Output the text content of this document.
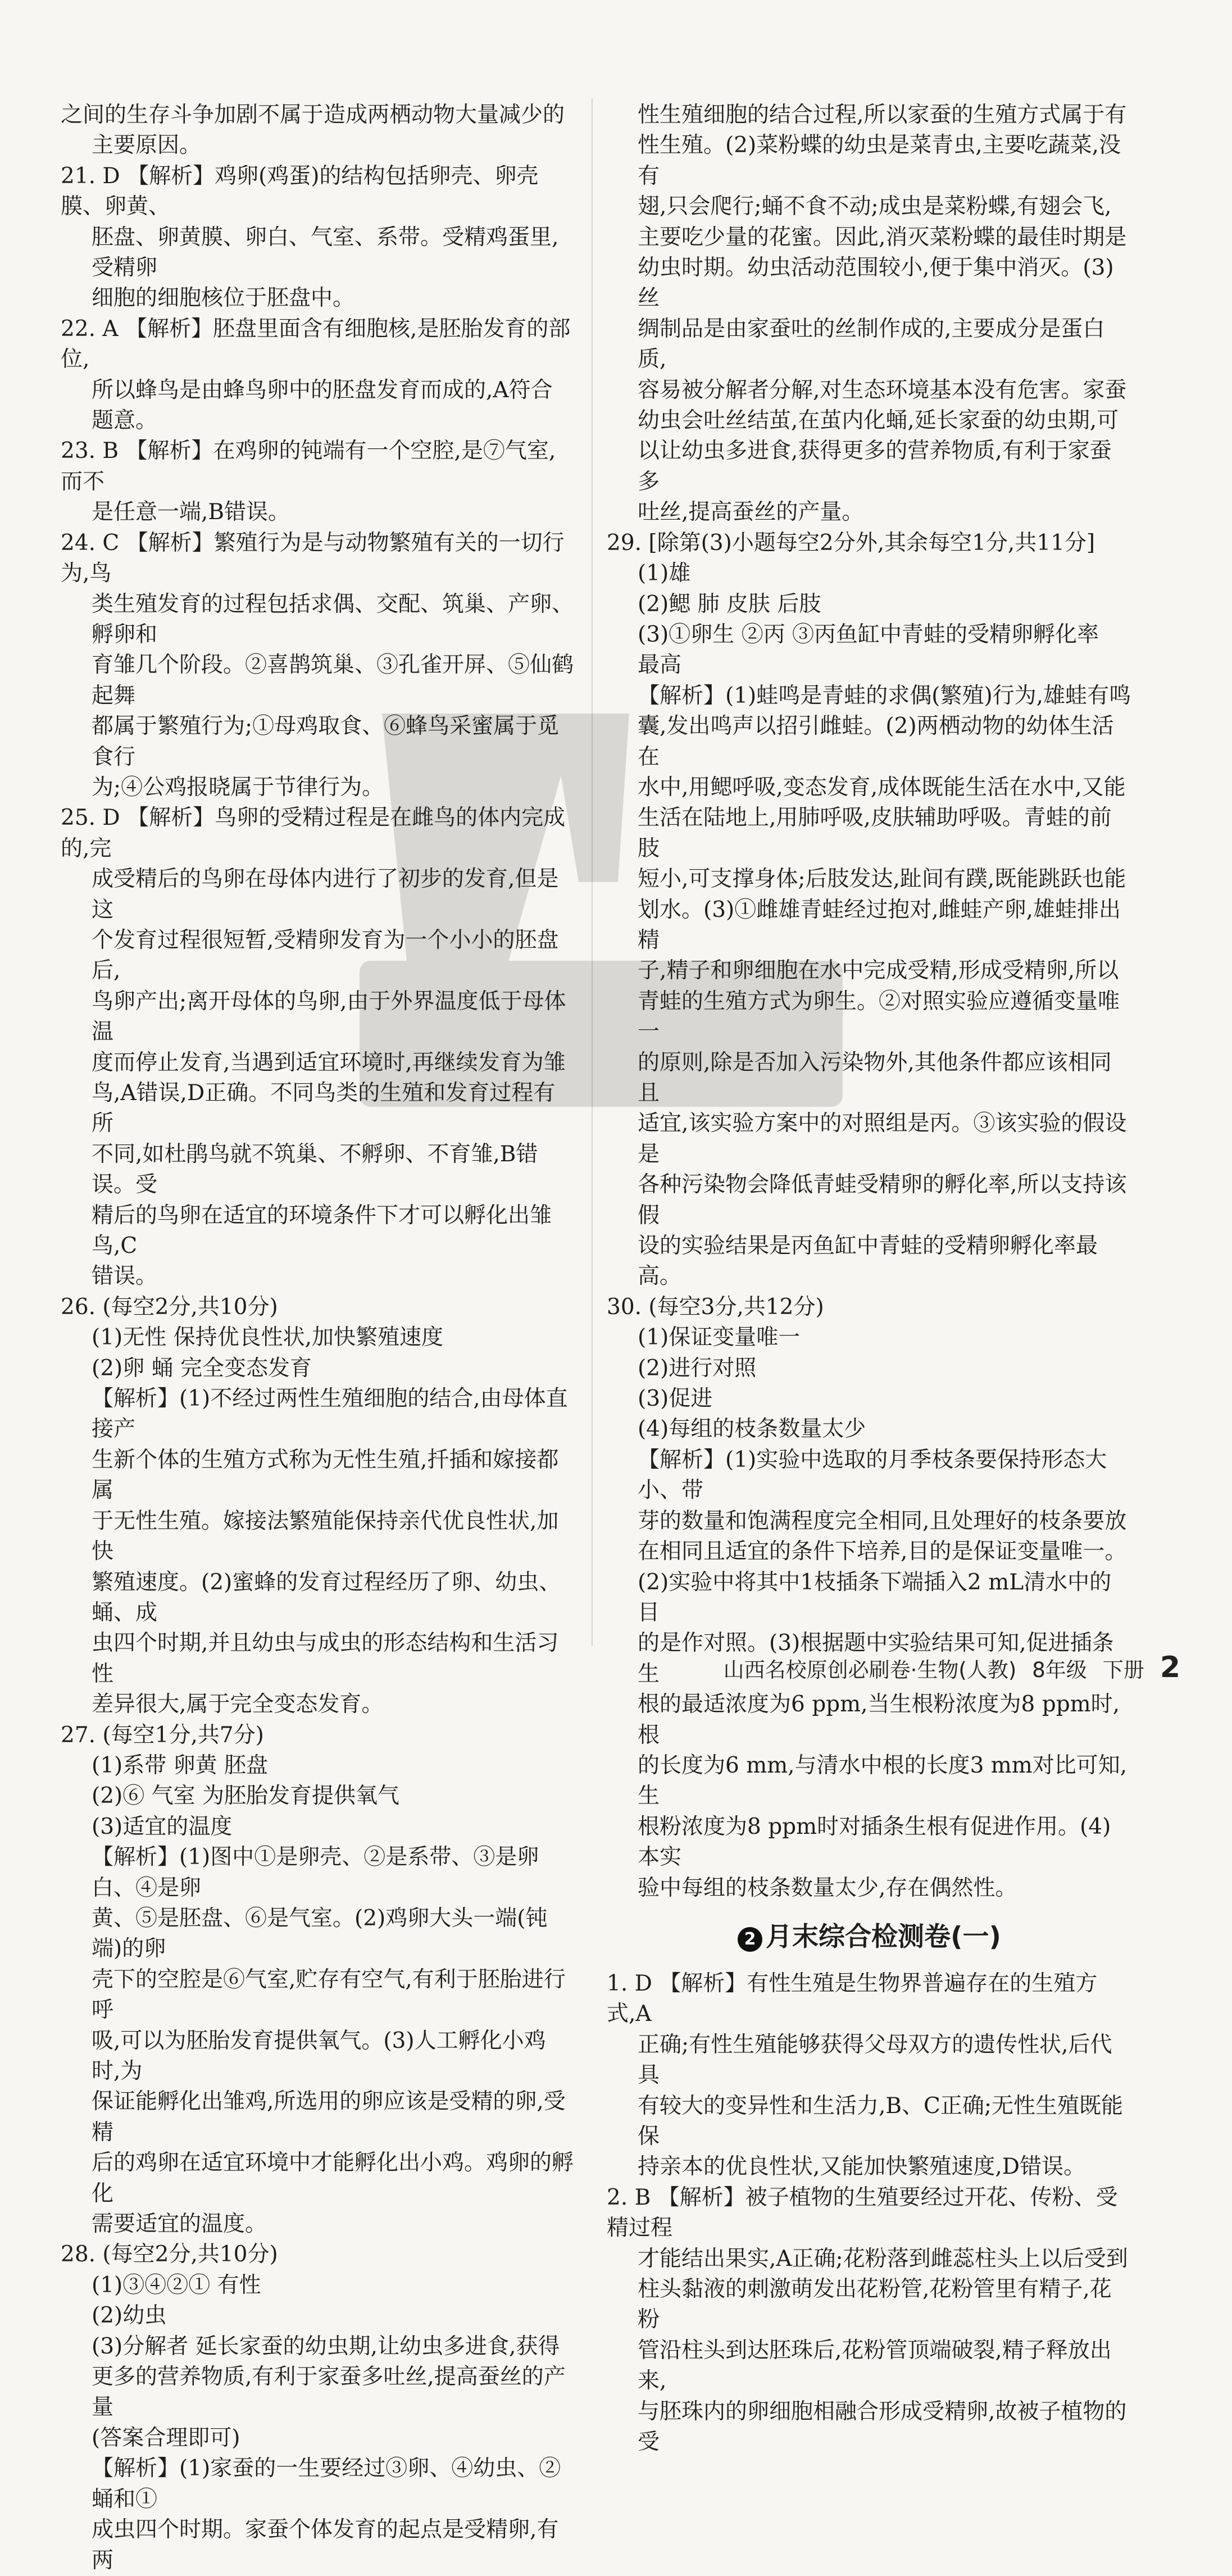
之间的生存斗争加剧不属于造成两栖动物大量减少的

主要原因。

21. D 【解析】鸡卵(鸡蛋)的结构包括卵壳、卵壳膜、卵黄、

胚盘、卵黄膜、卵白、气室、系带。受精鸡蛋里,受精卵

细胞的细胞核位于胚盘中。

22. A 【解析】胚盘里面含有细胞核,是胚胎发育的部位,

所以蜂鸟是由蜂鸟卵中的胚盘发育而成的,A符合

题意。

23. B 【解析】在鸡卵的钝端有一个空腔,是⑦气室,而不

是任意一端,B错误。

24. C 【解析】繁殖行为是与动物繁殖有关的一切行为,鸟

类生殖发育的过程包括求偶、交配、筑巢、产卵、孵卵和

育雏几个阶段。②喜鹊筑巢、③孔雀开屏、⑤仙鹤起舞

都属于繁殖行为;①母鸡取食、⑥蜂鸟采蜜属于觅食行

为;④公鸡报晓属于节律行为。

25. D 【解析】鸟卵的受精过程是在雌鸟的体内完成的,完

成受精后的鸟卵在母体内进行了初步的发育,但是这

个发育过程很短暂,受精卵发育为一个小小的胚盘后,

鸟卵产出;离开母体的鸟卵,由于外界温度低于母体温

度而停止发育,当遇到适宜环境时,再继续发育为雏

鸟,A错误,D正确。不同鸟类的生殖和发育过程有所

不同,如杜鹃鸟就不筑巢、不孵卵、不育雏,B错误。受

精后的鸟卵在适宜的环境条件下才可以孵化出雏鸟,C

错误。

26. (每空2分,共10分)

(1)无性 保持优良性状,加快繁殖速度

(2)卵 蛹 完全变态发育

【解析】(1)不经过两性生殖细胞的结合,由母体直接产

生新个体的生殖方式称为无性生殖,扦插和嫁接都属

于无性生殖。嫁接法繁殖能保持亲代优良性状,加快

繁殖速度。(2)蜜蜂的发育过程经历了卵、幼虫、蛹、成

虫四个时期,并且幼虫与成虫的形态结构和生活习性

差异很大,属于完全变态发育。

27. (每空1分,共7分)

(1)系带 卵黄 胚盘

(2)⑥ 气室 为胚胎发育提供氧气

(3)适宜的温度

【解析】(1)图中①是卵壳、②是系带、③是卵白、④是卵

黄、⑤是胚盘、⑥是气室。(2)鸡卵大头一端(钝端)的卵

壳下的空腔是⑥气室,贮存有空气,有利于胚胎进行呼

吸,可以为胚胎发育提供氧气。(3)人工孵化小鸡时,为

保证能孵化出雏鸡,所选用的卵应该是受精的卵,受精

后的鸡卵在适宜环境中才能孵化出小鸡。鸡卵的孵化

需要适宜的温度。

28. (每空2分,共10分)

(1)③④②① 有性

(2)幼虫

(3)分解者 延长家蚕的幼虫期,让幼虫多进食,获得

更多的营养物质,有利于家蚕多吐丝,提高蚕丝的产量

(答案合理即可)

【解析】(1)家蚕的一生要经过③卵、④幼虫、②蛹和①

成虫四个时期。家蚕个体发育的起点是受精卵,有两

性生殖细胞的结合过程,所以家蚕的生殖方式属于有

性生殖。(2)菜粉蝶的幼虫是菜青虫,主要吃蔬菜,没有

翅,只会爬行;蛹不食不动;成虫是菜粉蝶,有翅会飞,

主要吃少量的花蜜。因此,消灭菜粉蝶的最佳时期是

幼虫时期。幼虫活动范围较小,便于集中消灭。(3)丝

绸制品是由家蚕吐的丝制作成的,主要成分是蛋白质,

容易被分解者分解,对生态环境基本没有危害。家蚕

幼虫会吐丝结茧,在茧内化蛹,延长家蚕的幼虫期,可

以让幼虫多进食,获得更多的营养物质,有利于家蚕多

吐丝,提高蚕丝的产量。

29. [除第(3)小题每空2分外,其余每空1分,共11分]

(1)雄

(2)鳃 肺 皮肤 后肢

(3)①卵生 ②丙 ③丙鱼缸中青蛙的受精卵孵化率

最高

【解析】(1)蛙鸣是青蛙的求偶(繁殖)行为,雄蛙有鸣

囊,发出鸣声以招引雌蛙。(2)两栖动物的幼体生活在

水中,用鳃呼吸,变态发育,成体既能生活在水中,又能

生活在陆地上,用肺呼吸,皮肤辅助呼吸。青蛙的前肢

短小,可支撑身体;后肢发达,趾间有蹼,既能跳跃也能

划水。(3)①雌雄青蛙经过抱对,雌蛙产卵,雄蛙排出精

子,精子和卵细胞在水中完成受精,形成受精卵,所以

青蛙的生殖方式为卵生。②对照实验应遵循变量唯一

的原则,除是否加入污染物外,其他条件都应该相同且

适宜,该实验方案中的对照组是丙。③该实验的假设是

各种污染物会降低青蛙受精卵的孵化率,所以支持该假

设的实验结果是丙鱼缸中青蛙的受精卵孵化率最高。

30. (每空3分,共12分)

(1)保证变量唯一

(2)进行对照

(3)促进

(4)每组的枝条数量太少

【解析】(1)实验中选取的月季枝条要保持形态大小、带

芽的数量和饱满程度完全相同,且处理好的枝条要放

在相同且适宜的条件下培养,目的是保证变量唯一。

(2)实验中将其中1枝插条下端插入2 mL清水中的目

的是作对照。(3)根据题中实验结果可知,促进插条生

根的最适浓度为6 ppm,当生根粉浓度为8 ppm时,根

的长度为6 mm,与清水中根的长度3 mm对比可知,生

根粉浓度为8 ppm时对插条生根有促进作用。(4)本实

验中每组的枝条数量太少,存在偶然性。

2 月末综合检测卷(一)

1. D 【解析】有性生殖是生物界普遍存在的生殖方式,A

正确;有性生殖能够获得父母双方的遗传性状,后代具

有较大的变异性和生活力,B、C正确;无性生殖既能保

持亲本的优良性状,又能加快繁殖速度,D错误。

2. B 【解析】被子植物的生殖要经过开花、传粉、受精过程

才能结出果实,A正确;花粉落到雌蕊柱头上以后受到

柱头黏液的刺激萌发出花粉管,花粉管里有精子,花粉

管沿柱头到达胚珠后,花粉管顶端破裂,精子释放出来,

与胚珠内的卵细胞相融合形成受精卵,故被子植物的受

山西名校原创必刷卷·生物(人教) 8年级 下册 2
